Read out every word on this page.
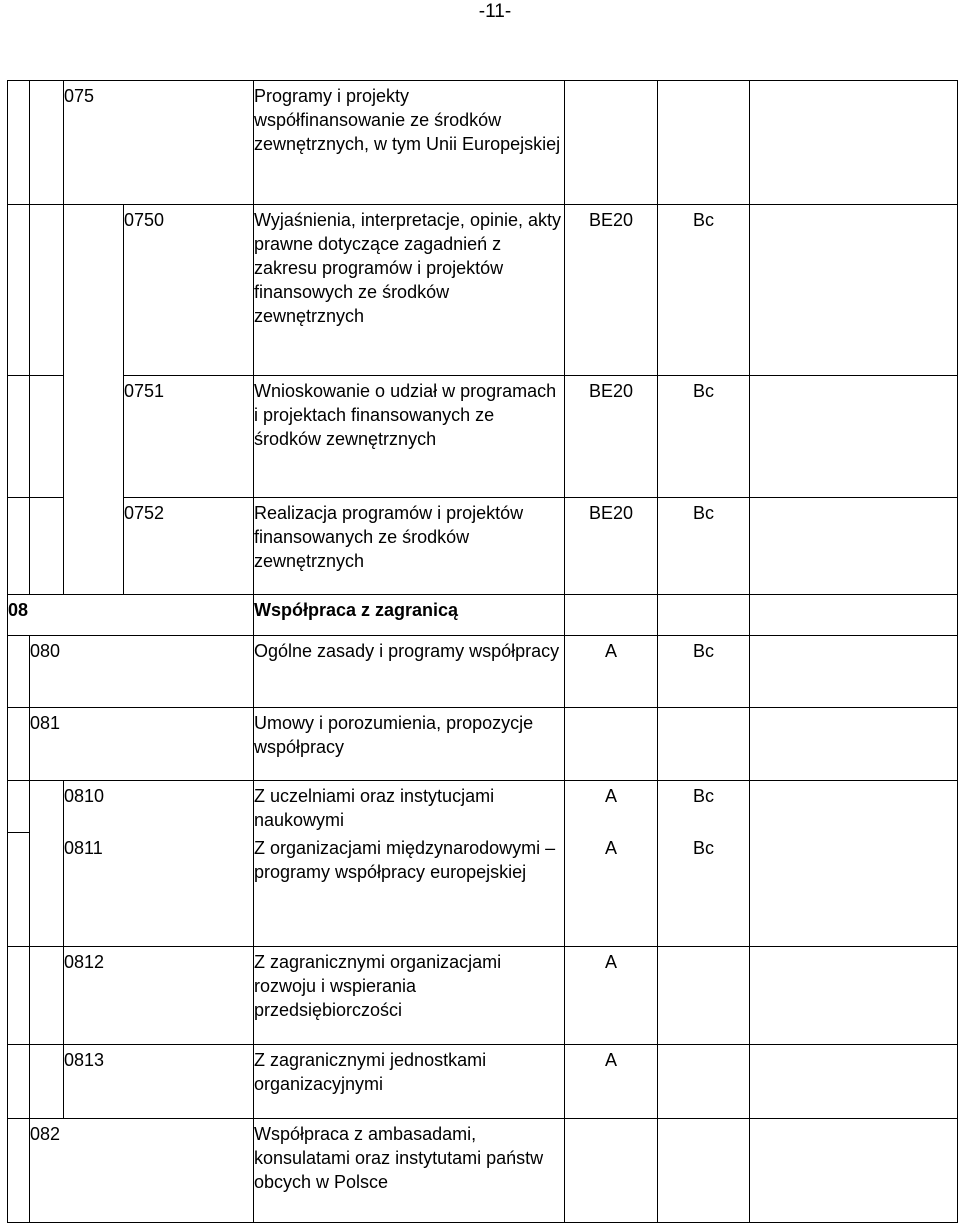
-11-

		075		Programy i projekty współfinansowanie ze środków zewnętrznych, w tym Unii Europejskiej			

			0750	Wyjaśnienia, interpretacje, opinie, akty prawne dotyczące zagadnień z zakresu programów i projektów finansowych ze środków zewnętrznych	BE20	Bc	

			0751	Wnioskowanie o udział w programach i projektach finansowanych ze środków zewnętrznych	BE20	Bc	

			0752	Realizacja programów i projektów finansowanych ze środków zewnętrznych	BE20	Bc	

08				Współpraca z zagranicą			

	080			Ogólne zasady i programy współpracy	A	Bc	

	081			Umowy i porozumienia, propozycje współpracy			

		0810		Z uczelniami oraz instytucjami naukowymi	A	Bc	

		0811		Z organizacjami międzynarodowymi – programy współpracy europejskiej	A	Bc	

		0812		Z zagranicznymi organizacjami rozwoju i wspierania przedsiębiorczości	A		

		0813		Z zagranicznymi jednostkami organizacyjnymi	A		

	082			Współpraca z ambasadami, konsulatami oraz instytutami państw obcych w Polsce			
